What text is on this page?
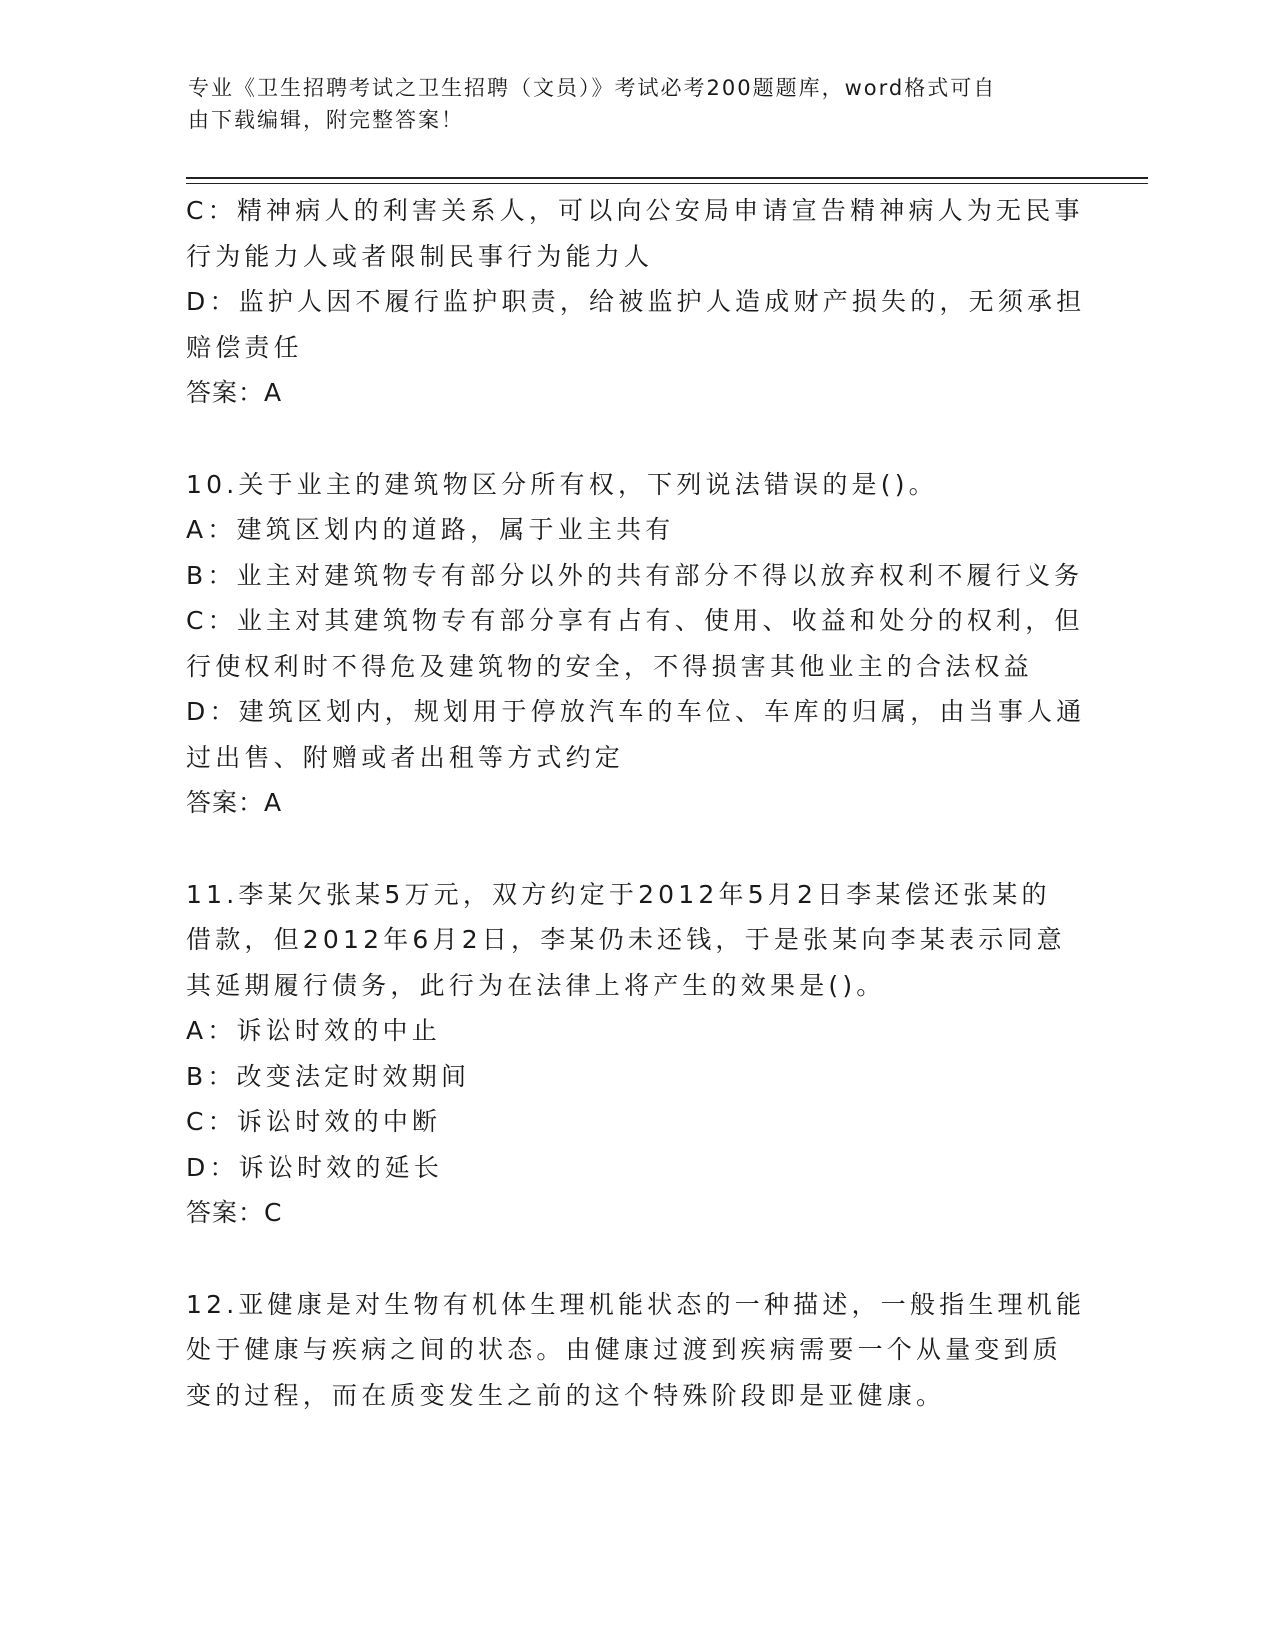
专业《卫生招聘考试之卫生招聘（文员）》考试必考200题题库，word格式可自
由下载编辑，附完整答案！
C：精神病人的利害关系人，可以向公安局申请宣告精神病人为无民事
行为能力人或者限制民事行为能力人
D：监护人因不履行监护职责，给被监护人造成财产损失的，无须承担
赔偿责任
答案：A
10.关于业主的建筑物区分所有权，下列说法错误的是()。
A：建筑区划内的道路，属于业主共有
B：业主对建筑物专有部分以外的共有部分不得以放弃权利不履行义务
C：业主对其建筑物专有部分享有占有、使用、收益和处分的权利，但
行使权利时不得危及建筑物的安全，不得损害其他业主的合法权益
D：建筑区划内，规划用于停放汽车的车位、车库的归属，由当事人通
过出售、附赠或者出租等方式约定
答案：A
11.李某欠张某5万元，双方约定于2012年5月2日李某偿还张某的
借款，但2012年6月2日，李某仍未还钱，于是张某向李某表示同意
其延期履行债务，此行为在法律上将产生的效果是()。
A：诉讼时效的中止
B：改变法定时效期间
C：诉讼时效的中断
D：诉讼时效的延长
答案：C
12.亚健康是对生物有机体生理机能状态的一种描述，一般指生理机能
处于健康与疾病之间的状态。由健康过渡到疾病需要一个从量变到质
变的过程，而在质变发生之前的这个特殊阶段即是亚健康。
